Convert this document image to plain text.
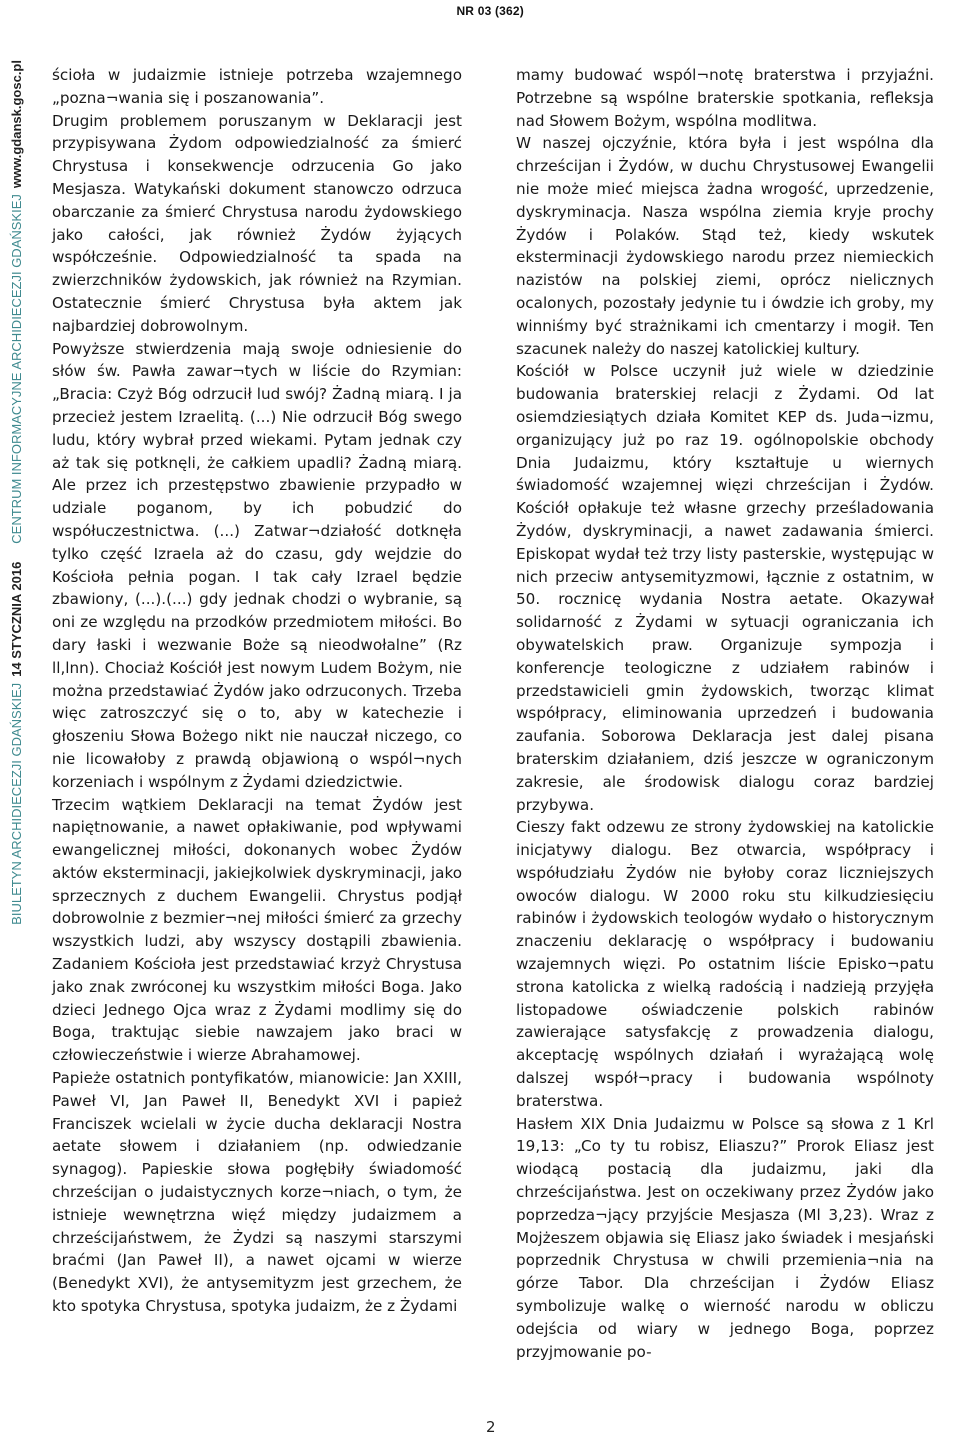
NR 03 (362)
BIULETYN ARCHIDIECEZJI GDAŃSKIEJ14 STYCZNIA 2016CENTRUM INFORMACYJNE ARCHIDIECEZJI GDAŃSKIEJwww.gdansk.gosc.pl ścioła w judaizmie istnieje potrzeba wzajemnego „pozna¬wania się i poszanowania”.

Drugim problemem poruszanym w Deklaracji jest przypisywana Żydom odpowiedzialność za śmierć Chrystusa i konsekwencje odrzucenia Go jako Mesjasza. Watykański dokument stanowczo odrzuca obarczanie za śmierć Chrystusa narodu żydowskiego jako całości, jak również Żydów żyjących współcześnie. Odpowiedzialność ta spada na zwierzchników żydowskich, jak również na Rzymian. Ostatecznie śmierć Chrystusa była aktem jak najbardziej dobrowolnym.

Powyższe stwierdzenia mają swoje odniesienie do słów św. Pawła zawar¬tych w liście do Rzymian: „Bracia: Czyż Bóg odrzucił lud swój? Żadną miarą. I ja przecież jestem Izraelitą. (...) Nie odrzucił Bóg swego ludu, który wybrał przed wiekami. Pytam jednak czy aż tak się potknęli, że całkiem upadli? Żadną miarą. Ale przez ich przestępstwo zbawienie przypadło w udziale poganom, by ich pobudzić do współuczestnictwa. (...) Zatwar¬działość dotknęła tylko część Izraela aż do czasu, gdy wejdzie do Kościoła pełnia pogan. I tak cały Izrael będzie zbawiony, (...).(...) gdy jednak chodzi o wybranie, są oni ze względu na przodków przedmiotem miłości. Bo dary łaski i wezwanie Boże są nieodwołalne” (Rz ll,lnn). Chociaż Kościół jest nowym Ludem Bożym, nie można przedstawiać Żydów jako odrzuconych. Trzeba więc zatroszczyć się o to, aby w katechezie i głoszeniu Słowa Bożego nikt nie nauczał niczego, co nie licowałoby z prawdą objawioną o wspól¬nych korzeniach i wspólnym z Żydami dziedzictwie.

Trzecim wątkiem Deklaracji na temat Żydów jest napiętnowanie, a nawet opłakiwanie, pod wpływami ewangelicznej miłości, dokonanych wobec Żydów aktów eksterminacji, jakiejkolwiek dyskryminacji, jako sprzecznych z duchem Ewangelii. Chrystus podjął dobrowolnie z bezmier¬nej miłości śmierć za grzechy wszystkich ludzi, aby wszyscy dostąpili zbawienia. Zadaniem Kościoła jest przedstawiać krzyż Chrystusa jako znak zwróconej ku wszystkim miłości Boga. Jako dzieci Jednego Ojca wraz z Żydami modlimy się do Boga, traktując siebie nawzajem jako braci w człowieczeństwie i wierze Abrahamowej.

Papieże ostatnich pontyfikatów, mianowicie: Jan XXIII, Paweł VI, Jan Paweł II, Benedykt XVI i papież Franciszek wcielali w życie ducha deklaracji Nostra aetate słowem i działaniem (np. odwiedzanie synagog). Papieskie słowa pogłębiły świadomość chrześcijan o judaistycznych korze¬niach, o tym, że istnieje wewnętrzna więź między judaizmem a chrześcijaństwem, że Żydzi są naszymi starszymi braćmi (Jan Paweł II), a nawet ojcami w wierze (Benedykt XVI), że antysemityzm jest grzechem, że kto spotyka Chrystusa, spotyka judaizm, że z Żydami

mamy budować wspól¬notę braterstwa i przyjaźni. Potrzebne są wspólne braterskie spotkania, refleksja nad Słowem Bożym, wspólna modlitwa.

W naszej ojczyźnie, która była i jest wspólna dla chrześcijan i Żydów, w duchu Chrystusowej Ewangelii nie może mieć miejsca żadna wrogość, uprzedzenie, dyskryminacja. Nasza wspólna ziemia kryje prochy Żydów i Polaków. Stąd też, kiedy wskutek eksterminacji żydowskiego narodu przez niemieckich nazistów na polskiej ziemi, oprócz nielicznych ocalonych, pozostały jedynie tu i ówdzie ich groby, my winniśmy być strażnikami ich cmentarzy i mogił. Ten szacunek należy do naszej katolickiej kultury.

Kościół w Polsce uczynił już wiele w dziedzinie budowania braterskiej relacji z Żydami. Od lat osiemdziesiątych działa Komitet KEP ds. Juda¬izmu, organizujący już po raz 19. ogólnopolskie obchody Dnia Judaizmu, który kształtuje u wiernych świadomość wzajemnej więzi chrześcijan i Żydów. Kościół opłakuje też własne grzechy prześladowania Żydów, dyskryminacji, a nawet zadawania śmierci. Episkopat wydał też trzy listy pasterskie, występując w nich przeciw antysemityzmowi, łącznie z ostatnim, w 50. rocznicę wydania Nostra aetate. Okazywał solidarność z Żydami w sytuacji ograniczania ich obywatelskich praw. Organizuje sympozja i konferencje teologiczne z udziałem rabinów i przedstawicieli gmin żydowskich, tworząc klimat współpracy, eliminowania uprzedzeń i budowania zaufania. Soborowa Deklaracja jest dalej pisana braterskim działaniem, dziś jeszcze w ograniczonym zakresie, ale środowisk dialogu coraz bardziej przybywa.

Cieszy fakt odzewu ze strony żydowskiej na katolickie inicjatywy dialogu. Bez otwarcia, współpracy i współudziału Żydów nie byłoby coraz liczniejszych owoców dialogu. W 2000 roku stu kilkudziesięciu rabinów i żydowskich teologów wydało o historycznym znaczeniu deklarację o współpracy i budowaniu wzajemnych więzi. Po ostatnim liście Episko¬patu strona katolicka z wielką radością i nadzieją przyjęła listopadowe oświadczenie polskich rabinów zawierające satysfakcję z prowadzenia dialogu, akceptację wspólnych działań i wyrażającą wolę dalszej współ¬pracy i budowania wspólnoty braterstwa.

Hasłem XIX Dnia Judaizmu w Polsce są słowa z 1 Krl 19,13: „Co ty tu robisz, Eliaszu?” Prorok Eliasz jest wiodącą postacią dla judaizmu, jaki dla chrześcijaństwa. Jest on oczekiwany przez Żydów jako poprzedza¬jący przyjście Mesjasza (Ml 3,23). Wraz z Mojżeszem objawia się Eliasz jako świadek i mesjański poprzednik Chrystusa w chwili przemienia¬nia na górze Tabor. Dla chrześcijan i Żydów Eliasz symbolizuje walkę o wierność narodu w obliczu odejścia od wiary w jednego Boga, poprzez przyjmowanie po-

2
